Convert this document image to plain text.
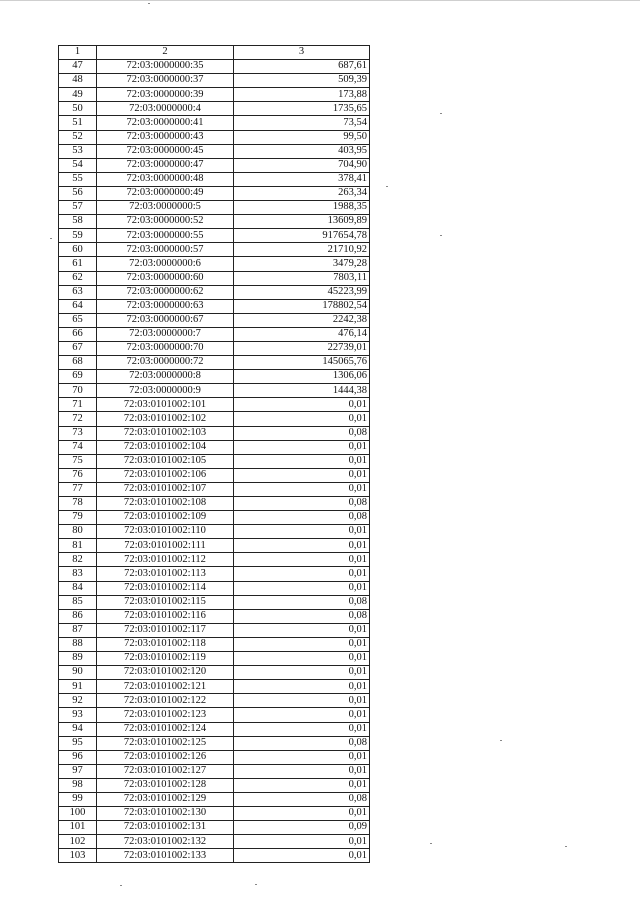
1	2	3
47	72:03:0000000:35	687,61
48	72:03:0000000:37	509,39
49	72:03:0000000:39	173,88
50	72:03:0000000:4	1735,65
51	72:03:0000000:41	73,54
52	72:03:0000000:43	99,50
53	72:03:0000000:45	403,95
54	72:03:0000000:47	704,90
55	72:03:0000000:48	378,41
56	72:03:0000000:49	263,34
57	72:03:0000000:5	1988,35
58	72:03:0000000:52	13609,89
59	72:03:0000000:55	917654,78
60	72:03:0000000:57	21710,92
61	72:03:0000000:6	3479,28
62	72:03:0000000:60	7803,11
63	72:03:0000000:62	45223,99
64	72:03:0000000:63	178802,54
65	72:03:0000000:67	2242,38
66	72:03:0000000:7	476,14
67	72:03:0000000:70	22739,01
68	72:03:0000000:72	145065,76
69	72:03:0000000:8	1306,06
70	72:03:0000000:9	1444,38
71	72:03:0101002:101	0,01
72	72:03:0101002:102	0,01
73	72:03:0101002:103	0,08
74	72:03:0101002:104	0,01
75	72:03:0101002:105	0,01
76	72:03:0101002:106	0,01
77	72:03:0101002:107	0,01
78	72:03:0101002:108	0,08
79	72:03:0101002:109	0,08
80	72:03:0101002:110	0,01
81	72:03:0101002:111	0,01
82	72:03:0101002:112	0,01
83	72:03:0101002:113	0,01
84	72:03:0101002:114	0,01
85	72:03:0101002:115	0,08
86	72:03:0101002:116	0,08
87	72:03:0101002:117	0,01
88	72:03:0101002:118	0,01
89	72:03:0101002:119	0,01
90	72:03:0101002:120	0,01
91	72:03:0101002:121	0,01
92	72:03:0101002:122	0,01
93	72:03:0101002:123	0,01
94	72:03:0101002:124	0,01
95	72:03:0101002:125	0,08
96	72:03:0101002:126	0,01
97	72:03:0101002:127	0,01
98	72:03:0101002:128	0,01
99	72:03:0101002:129	0,08
100	72:03:0101002:130	0,01
101	72:03:0101002:131	0,09
102	72:03:0101002:132	0,01
103	72:03:0101002:133	0,01
